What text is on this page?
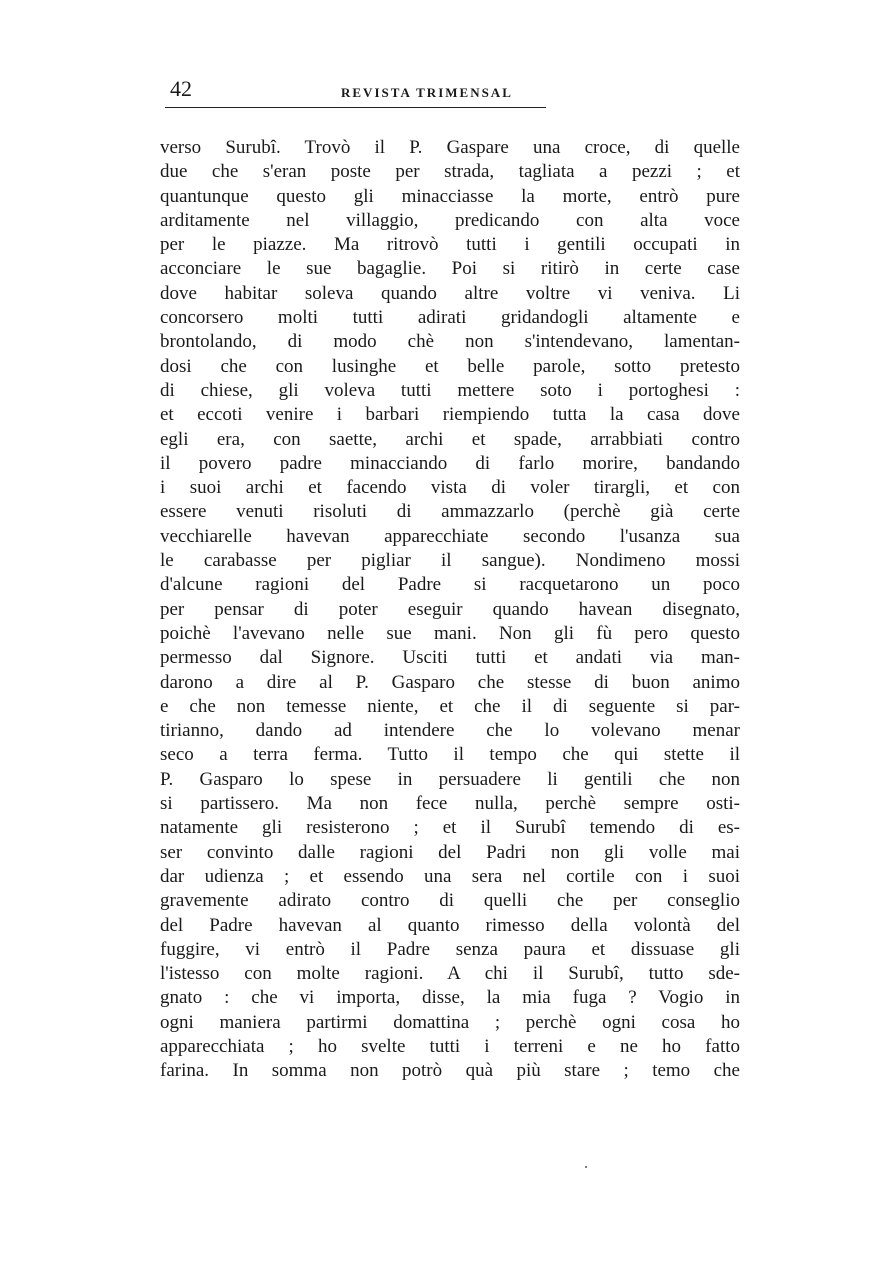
42	REVISTA TRIMENSAL
verso Surubî. Trovò il P. Gaspare una croce, di quelle
due che s'eran poste per strada, tagliata a pezzi ; et
quantunque questo gli minacciasse la morte, entrò pure
arditamente nel villaggio, predicando con alta voce
per le piazze. Ma ritrovò tutti i gentili occupati in
acconciare le sue bagaglie. Poi si ritirò in certe case
dove habitar soleva quando altre voltre vi veniva. Li
concorsero molti tutti adirati gridandogli altamente e
brontolando, di modo chè non s'intendevano, lamentan-
dosi che con lusinghe et belle parole, sotto pretesto
di chiese, gli voleva tutti mettere soto i portoghesi :
et eccoti venire i barbari riempiendo tutta la casa dove
egli era, con saette, archi et spade, arrabbiati contro
il povero padre minacciando di farlo morire, bandando
i suoi archi et facendo vista di voler tirargli, et con
essere venuti risoluti di ammazzarlo (perchè già certe
vecchiarelle havevan apparecchiate secondo l'usanza sua
le carabasse per pigliar il sangue). Nondimeno mossi
d'alcune ragioni del Padre si racquetarono un poco
per pensar di poter eseguir quando havean disegnato,
poichè l'avevano nelle sue mani. Non gli fù pero questo
permesso dal Signore. Usciti tutti et andati via man-
darono a dire al P. Gasparo che stesse di buon animo
e che non temesse niente, et che il di seguente si par-
tirianno, dando ad intendere che lo volevano menar
seco a terra ferma. Tutto il tempo che qui stette il
P. Gasparo lo spese in persuadere li gentili che non
si partissero. Ma non fece nulla, perchè sempre osti-
natamente gli resisterono ; et il Surubî temendo di es-
ser convinto dalle ragioni del Padri non gli volle mai
dar udienza ; et essendo una sera nel cortile con i suoi
gravemente adirato contro di quelli che per conseglio
del Padre havevan al quanto rimesso della volontà del
fuggire, vi entrò il Padre senza paura et dissuase gli
l'istesso con molte ragioni. A chi il Surubî, tutto sde-
gnato : che vi importa, disse, la mia fuga ? Vogio in
ogni maniera partirmi domattina ; perchè ogni cosa ho
apparecchiata ; ho svelte tutti i terreni e ne ho fatto
farina. In somma non potrò quà più stare ; temo che
